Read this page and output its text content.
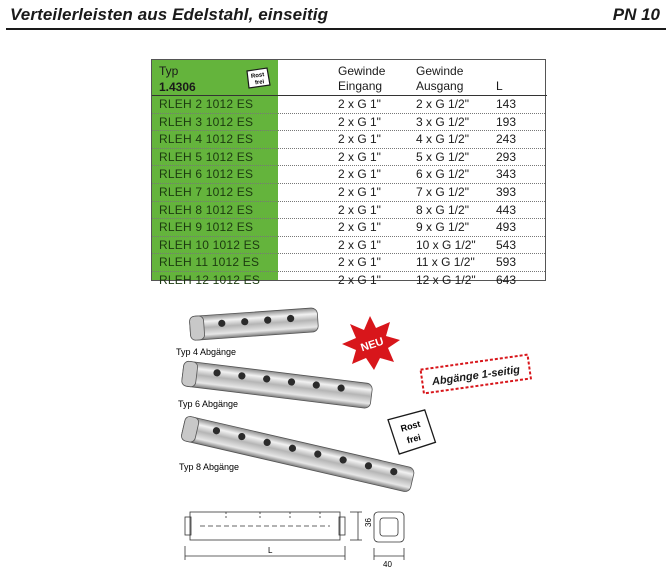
Verteilerleisten aus Edelstahl, einseitig	PN 10
Typ
1.4306
Rost
frei
Gewinde
Eingang
Gewinde
Ausgang	L
RLEH 2 1012 ES	2 x G 1"	2 x G 1/2" 143
RLEH 3 1012 ES	2 x G 1"	3 x G 1/2" 193
RLEH 4 1012 ES	2 x G 1"	4 x G 1/2" 243
RLEH 5 1012 ES	2 x G 1"	5 x G 1/2" 293
RLEH 6 1012 ES	2 x G 1"	6 x G 1/2" 343
RLEH 7 1012 ES	2 x G 1"	7 x G 1/2" 393
RLEH 8 1012 ES	2 x G 1"	8 x G 1/2" 443
RLEH 9 1012 ES	2 x G 1"	9 x G 1/2" 493
RLEH 10 1012 ES	2 x G 1"	10 x G 1/2" 543
RLEH 11 1012 ES	2 x G 1"	11 x G 1/2" 593
RLEH 12 1012 ES	2 x G 1"	12 x G 1/2" 643
NEU
Abgänge 1-seitig
Rost
frei
Typ 4 Abgänge
Typ 6 Abgänge
Typ 8 Abgänge
L
36
40
